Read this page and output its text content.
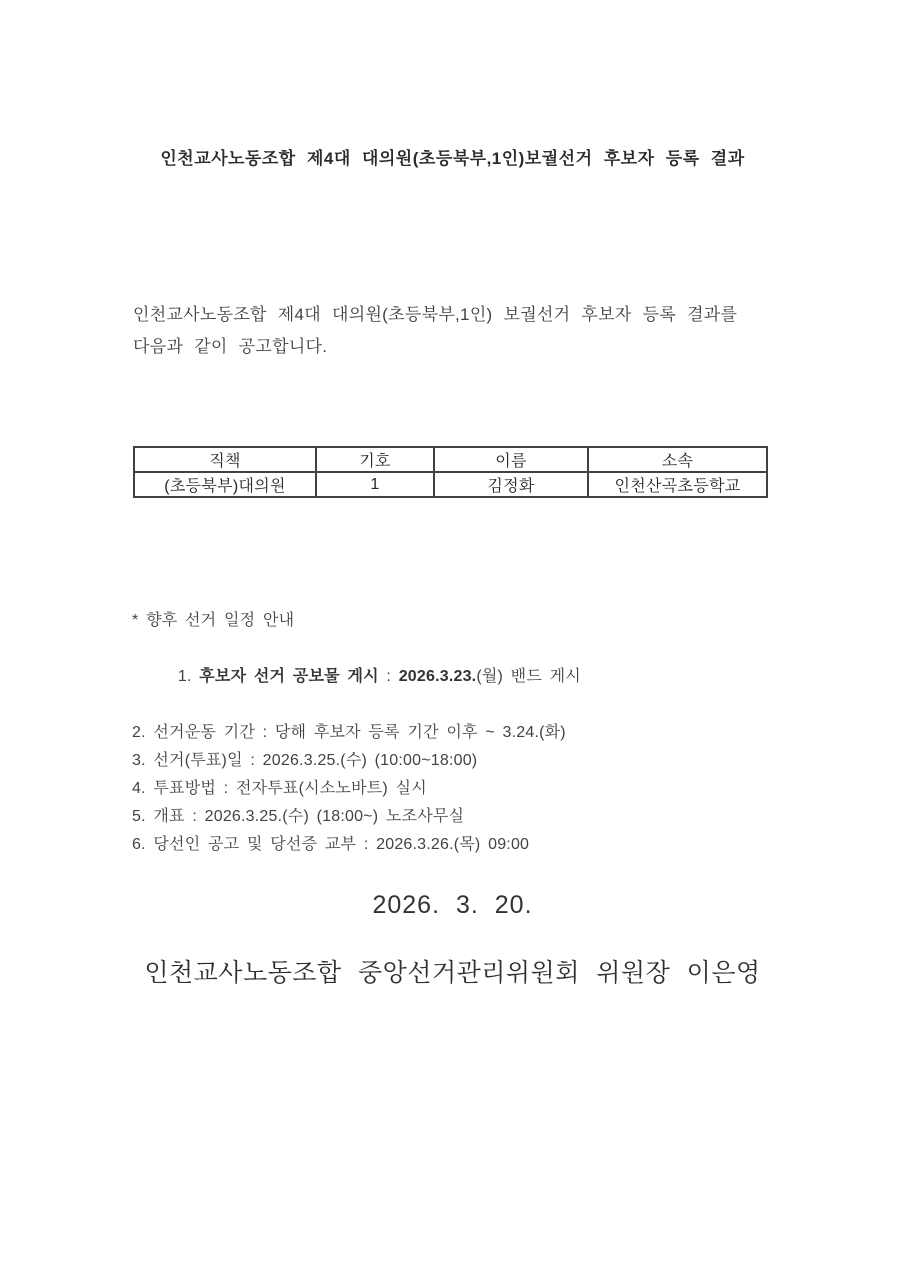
인천교사노동조합 제4대 대의원(초등북부,1인)보궐선거 후보자 등록 결과
인천교사노동조합 제4대 대의원(초등북부,1인) 보궐선거 후보자 등록 결과를
다음과 같이 공고합니다.
직책	기호	이름	소속
(초등북부)대의원	1	김정화	인천산곡초등학교
* 향후 선거 일정 안내

1. 후보자 선거 공보물 게시 : 2026.3.23.(월) 밴드 게시

2. 선거운동 기간 : 당해 후보자 등록 기간 이후 ~ 3.24.(화)
3. 선거(투표)일 : 2026.3.25.(수) (10:00~18:00)
4. 투표방법 : 전자투표(시소노바트) 실시
5. 개표 : 2026.3.25.(수) (18:00~) 노조사무실
6. 당선인 공고 및 당선증 교부 : 2026.3.26.(목) 09:00
2026. 3. 20.
인천교사노동조합 중앙선거관리위원회 위원장 이은영
